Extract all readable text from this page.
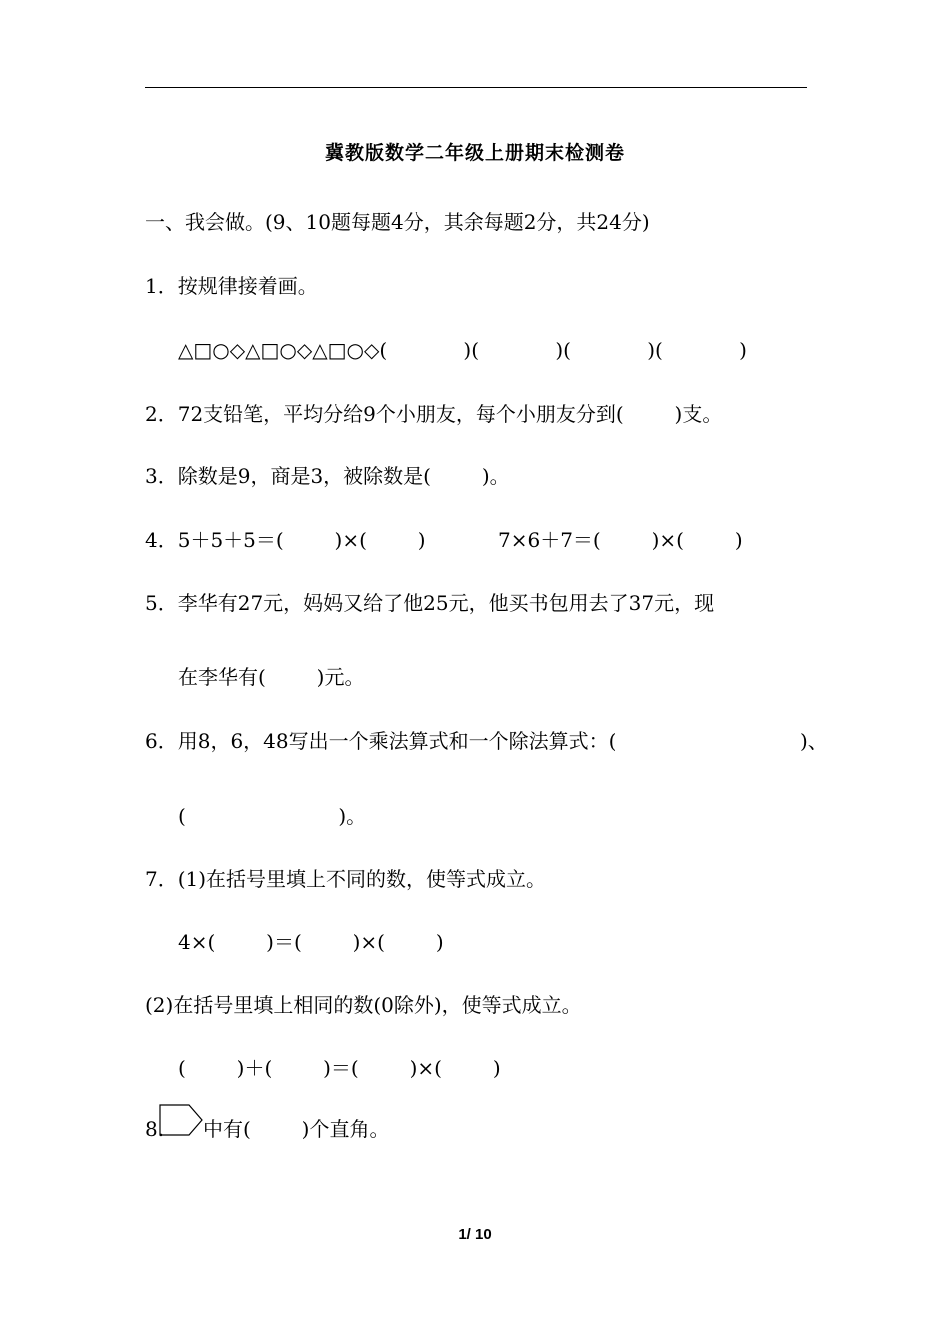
冀教版数学二年级上册期末检测卷
一、我会做。(9、10题每题4分，其余每题2分，共24分)
1．按规律接着画。
△□○◇△□○◇△□○◇(            )(            )(            )(            )
2．72支铅笔，平均分给9个小朋友，每个小朋友分到(        )支。
3．除数是9，商是3，被除数是(        )。
4．5＋5＋5＝(        )×(        )	7×6＋7＝(        )×(        )
5．李华有27元，妈妈又给了他25元，他买书包用去了37元，现
在李华有(        )元。
6．用8，6，48写出一个乘法算式和一个除法算式：(	)、
(                        )。
7．(1)在括号里填上不同的数，使等式成立。
4×(        )＝(        )×(        )
(2)在括号里填上相同的数(0除外)，使等式成立。
(        )＋(        )＝(        )×(        )
8. 中有(        )个直角。
1/ 10
